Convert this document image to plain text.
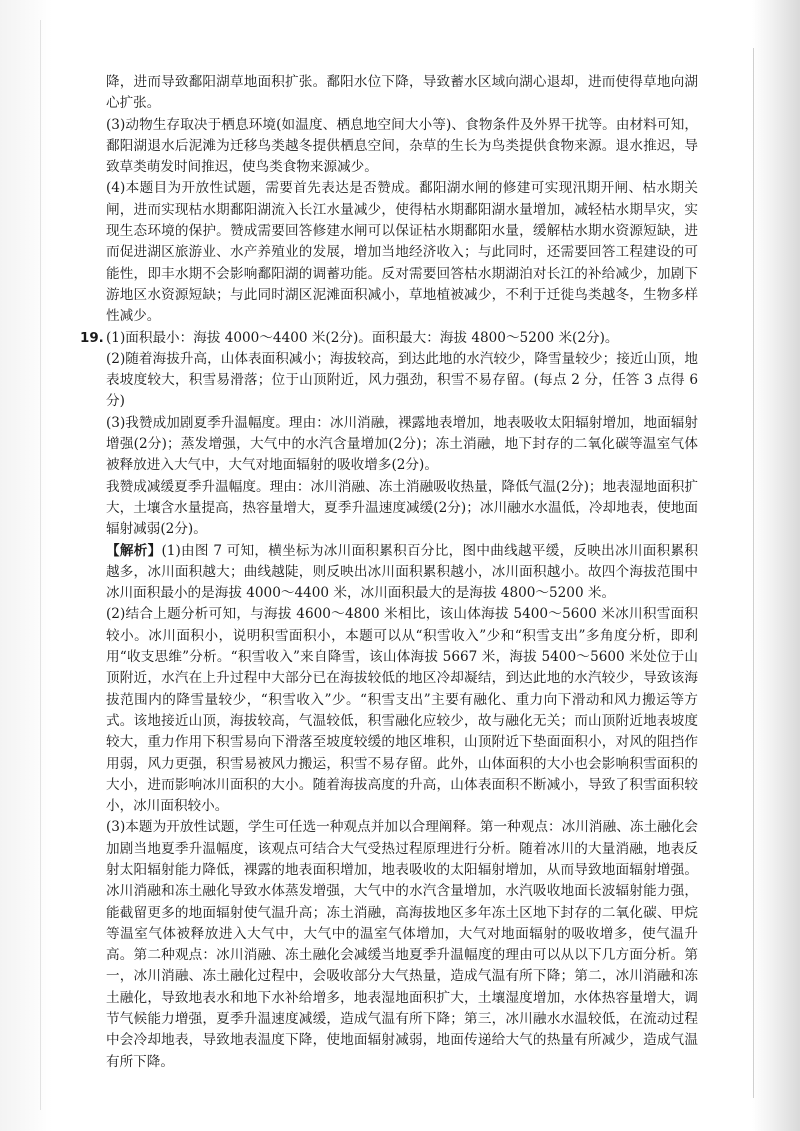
降，进而导致鄱阳湖草地面积扩张。鄱阳水位下降，导致蓄水区域向湖心退却，进而使得草地向湖心扩张。

(3)动物生存取决于栖息环境(如温度、栖息地空间大小等)、食物条件及外界干扰等。由材料可知，鄱阳湖退水后泥滩为迁移鸟类越冬提供栖息空间，杂草的生长为鸟类提供食物来源。退水推迟，导致草类萌发时间推迟，使鸟类食物来源减少。

(4)本题目为开放性试题，需要首先表达是否赞成。鄱阳湖水闸的修建可实现汛期开闸、枯水期关闸，进而实现枯水期鄱阳湖流入长江水量减少，使得枯水期鄱阳湖水量增加，减轻枯水期旱灾，实现生态环境的保护。赞成需要回答修建水闸可以保证枯水期鄱阳水量，缓解枯水期水资源短缺，进而促进湖区旅游业、水产养殖业的发展，增加当地经济收入；与此同时，还需要回答工程建设的可能性，即丰水期不会影响鄱阳湖的调蓄功能。反对需要回答枯水期湖泊对长江的补给减少，加剧下游地区水资源短缺；与此同时湖区泥滩面积减小，草地植被减少，不利于迁徙鸟类越冬，生物多样性减少。

19. (1)面积最小：海拔 4000～4400 米(2分)。面积最大：海拔 4800～5200 米(2分)。

(2)随着海拔升高，山体表面积减小；海拔较高，到达此地的水汽较少，降雪量较少；接近山顶，地表坡度较大，积雪易滑落；位于山顶附近，风力强劲，积雪不易存留。(每点 2 分，任答 3 点得 6 分)

(3)我赞成加剧夏季升温幅度。理由：冰川消融，裸露地表增加，地表吸收太阳辐射增加，地面辐射增强(2分)；蒸发增强，大气中的水汽含量增加(2分)；冻土消融，地下封存的二氧化碳等温室气体被释放进入大气中，大气对地面辐射的吸收增多(2分)。

我赞成减缓夏季升温幅度。理由：冰川消融、冻土消融吸收热量，降低气温(2分)；地表湿地面积扩大，土壤含水量提高，热容量增大，夏季升温速度减缓(2分)；冰川融水水温低，冷却地表，使地面辐射减弱(2分)。

【解析】(1)由图 7 可知，横坐标为冰川面积累积百分比，图中曲线越平缓，反映出冰川面积累积越多，冰川面积越大；曲线越陡，则反映出冰川面积累积越小，冰川面积越小。故四个海拔范围中冰川面积最小的是海拔 4000～4400 米，冰川面积最大的是海拔 4800～5200 米。

(2)结合上题分析可知，与海拔 4600～4800 米相比，该山体海拔 5400～5600 米冰川积雪面积较小。冰川面积小，说明积雪面积小，本题可以从“积雪收入”少和“积雪支出”多角度分析，即利用“收支思维”分析。“积雪收入”来自降雪，该山体海拔 5667 米，海拔 5400～5600 米处位于山顶附近，水汽在上升过程中大部分已在海拔较低的地区冷却凝结，到达此地的水汽较少，导致该海拔范围内的降雪量较少，“积雪收入”少。“积雪支出”主要有融化、重力向下滑动和风力搬运等方式。该地接近山顶，海拔较高，气温较低，积雪融化应较少，故与融化无关；而山顶附近地表坡度较大，重力作用下积雪易向下滑落至坡度较缓的地区堆积，山顶附近下垫面面积小，对风的阻挡作用弱，风力更强，积雪易被风力搬运，积雪不易存留。此外，山体面积的大小也会影响积雪面积的大小，进而影响冰川面积的大小。随着海拔高度的升高，山体表面积不断减小，导致了积雪面积较小，冰川面积较小。

(3)本题为开放性试题，学生可任选一种观点并加以合理阐释。第一种观点：冰川消融、冻土融化会加剧当地夏季升温幅度，该观点可结合大气受热过程原理进行分析。随着冰川的大量消融，地表反射太阳辐射能力降低，裸露的地表面积增加，地表吸收的太阳辐射增加，从而导致地面辐射增强。冰川消融和冻土融化导致水体蒸发增强，大气中的水汽含量增加，水汽吸收地面长波辐射能力强，能截留更多的地面辐射使气温升高；冻土消融，高海拔地区多年冻土区地下封存的二氧化碳、甲烷等温室气体被释放进入大气中，大气中的温室气体增加，大气对地面辐射的吸收增多，使气温升高。第二种观点：冰川消融、冻土融化会减缓当地夏季升温幅度的理由可以从以下几方面分析。第一，冰川消融、冻土融化过程中，会吸收部分大气热量，造成气温有所下降；第二，冰川消融和冻土融化，导致地表水和地下水补给增多，地表湿地面积扩大，土壤湿度增加，水体热容量增大，调节气候能力增强，夏季升温速度减缓，造成气温有所下降；第三，冰川融水水温较低，在流动过程中会冷却地表，导致地表温度下降，使地面辐射减弱，地面传递给大气的热量有所减少，造成气温有所下降。
